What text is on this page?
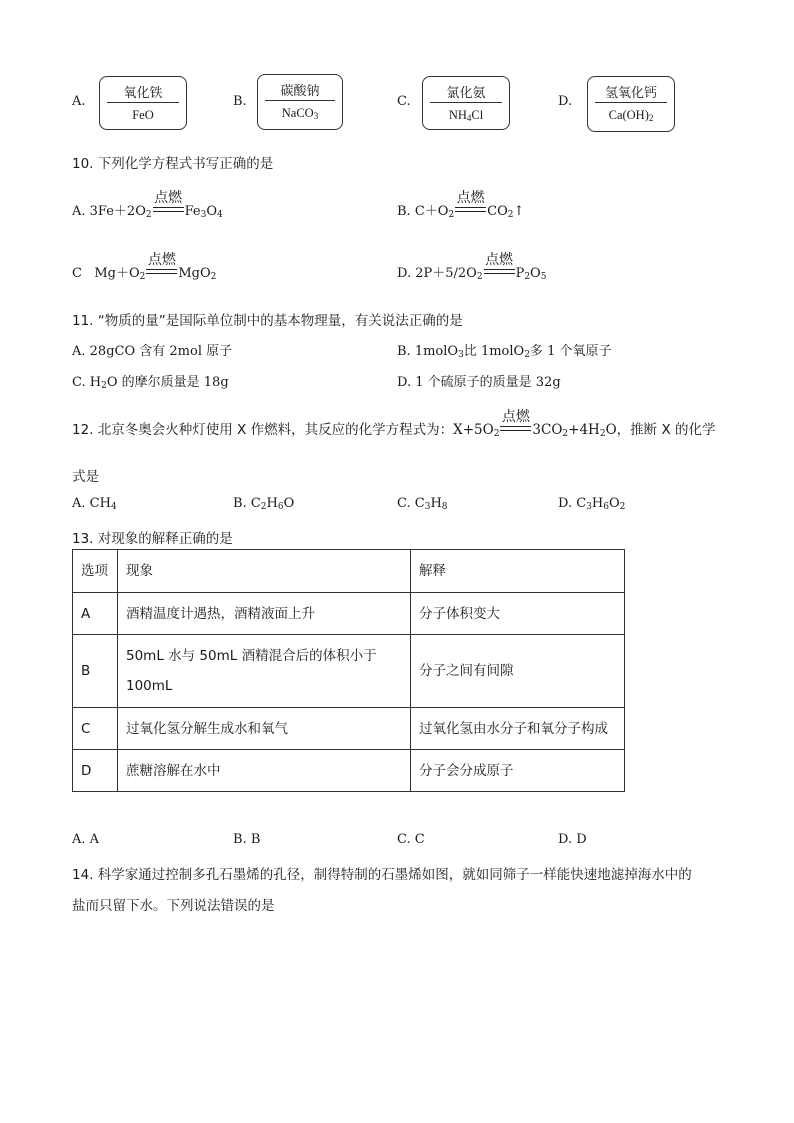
A.
氧化铁
FeO
B.
碳酸钠
NaCO$_3$
C.
氯化氨
$NH_4Cl$
D.
氢氧化钙
$Ca(OH)_2$
10. 下列化学方程式书写正确的是
A. $3Fe+2O_2$
点燃
$Fe_3O_4$	B. $C+O_2$
点燃
$CO_2↑$
C   $Mg+O_2$
点燃
MgO$_2$	D. $2P+5/2O_2$
点燃
$P_2O_5$
11. “物质的量”是国际单位制中的基本物理量，有关说法正确的是
A. 28gCO 含有 2mol 原子	B. 1molO$_3$比 1molO$_2$多 1 个氧原子
C. $H_2O$ 的摩尔质量是 18g	D. 1 个硫原子的质量是 32g
12. 北京冬奥会火种灯使用 X 作燃料，其反应的化学方程式为：$X+5O_2$
点燃
$3CO_2+4H_2O$，推断 X 的化学
式是
A. $CH_4$	B. $C_2H_6O$	C. $C_3H_8$	D. $C_3H_6O_2$
13. 对现象的解释正确的是
选项	现象	解释
A	酒精温度计遇热，酒精液面上升	分子体积变大
B	50mL 水与 50mL 酒精混合后的体积小于
100mL	分子之间有间隙
C	过氧化氢分解生成水和氧气	过氧化氢由水分子和氧分子构成
D	蔗糖溶解在水中	分子会分成原子
A. A	B. B	C. C	D. D
14. 科学家通过控制多孔石墨烯的孔径，制得特制的石墨烯如图，就如同筛子一样能快速地滤掉海水中的
盐而只留下水。下列说法错误的是
